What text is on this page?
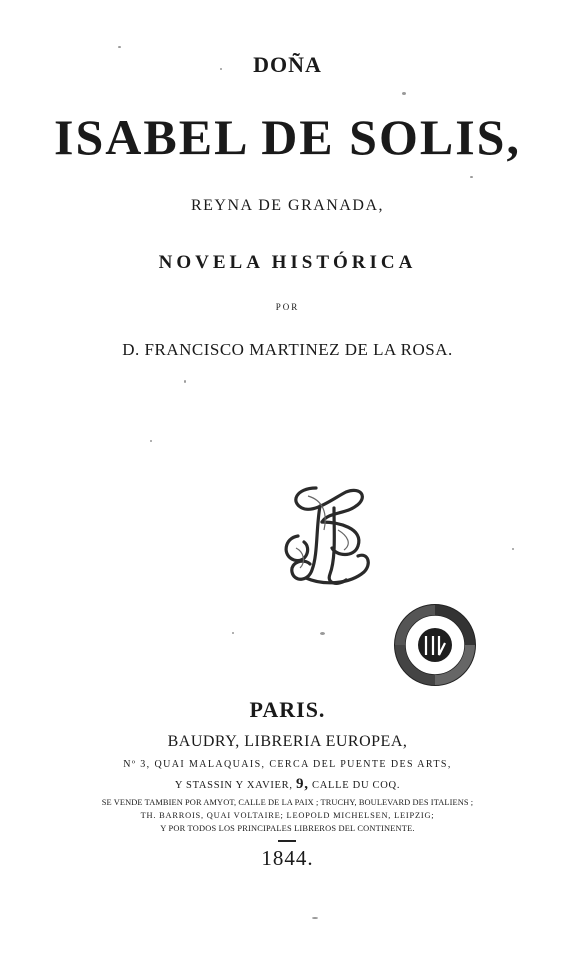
DOÑA
ISABEL DE SOLIS,
REYNA DE GRANADA,
NOVELA HISTÓRICA
POR
D. FRANCISCO MARTINEZ DE LA ROSA.
PARIS.
BAUDRY, LIBRERIA EUROPEA,
Nº 3, QUAI MALAQUAIS, CERCA DEL PUENTE DES ARTS,
Y STASSIN Y XAVIER, 9, CALLE DU COQ.
SE VENDE TAMBIEN POR AMYOT, CALLE DE LA PAIX ; TRUCHY, BOULEVARD DES ITALIENS ;
TH. BARROIS, QUAI VOLTAIRE; LEOPOLD MICHELSEN, LEIPZIG;
Y POR TODOS LOS PRINCIPALES LIBREROS DEL CONTINENTE.
1844.
